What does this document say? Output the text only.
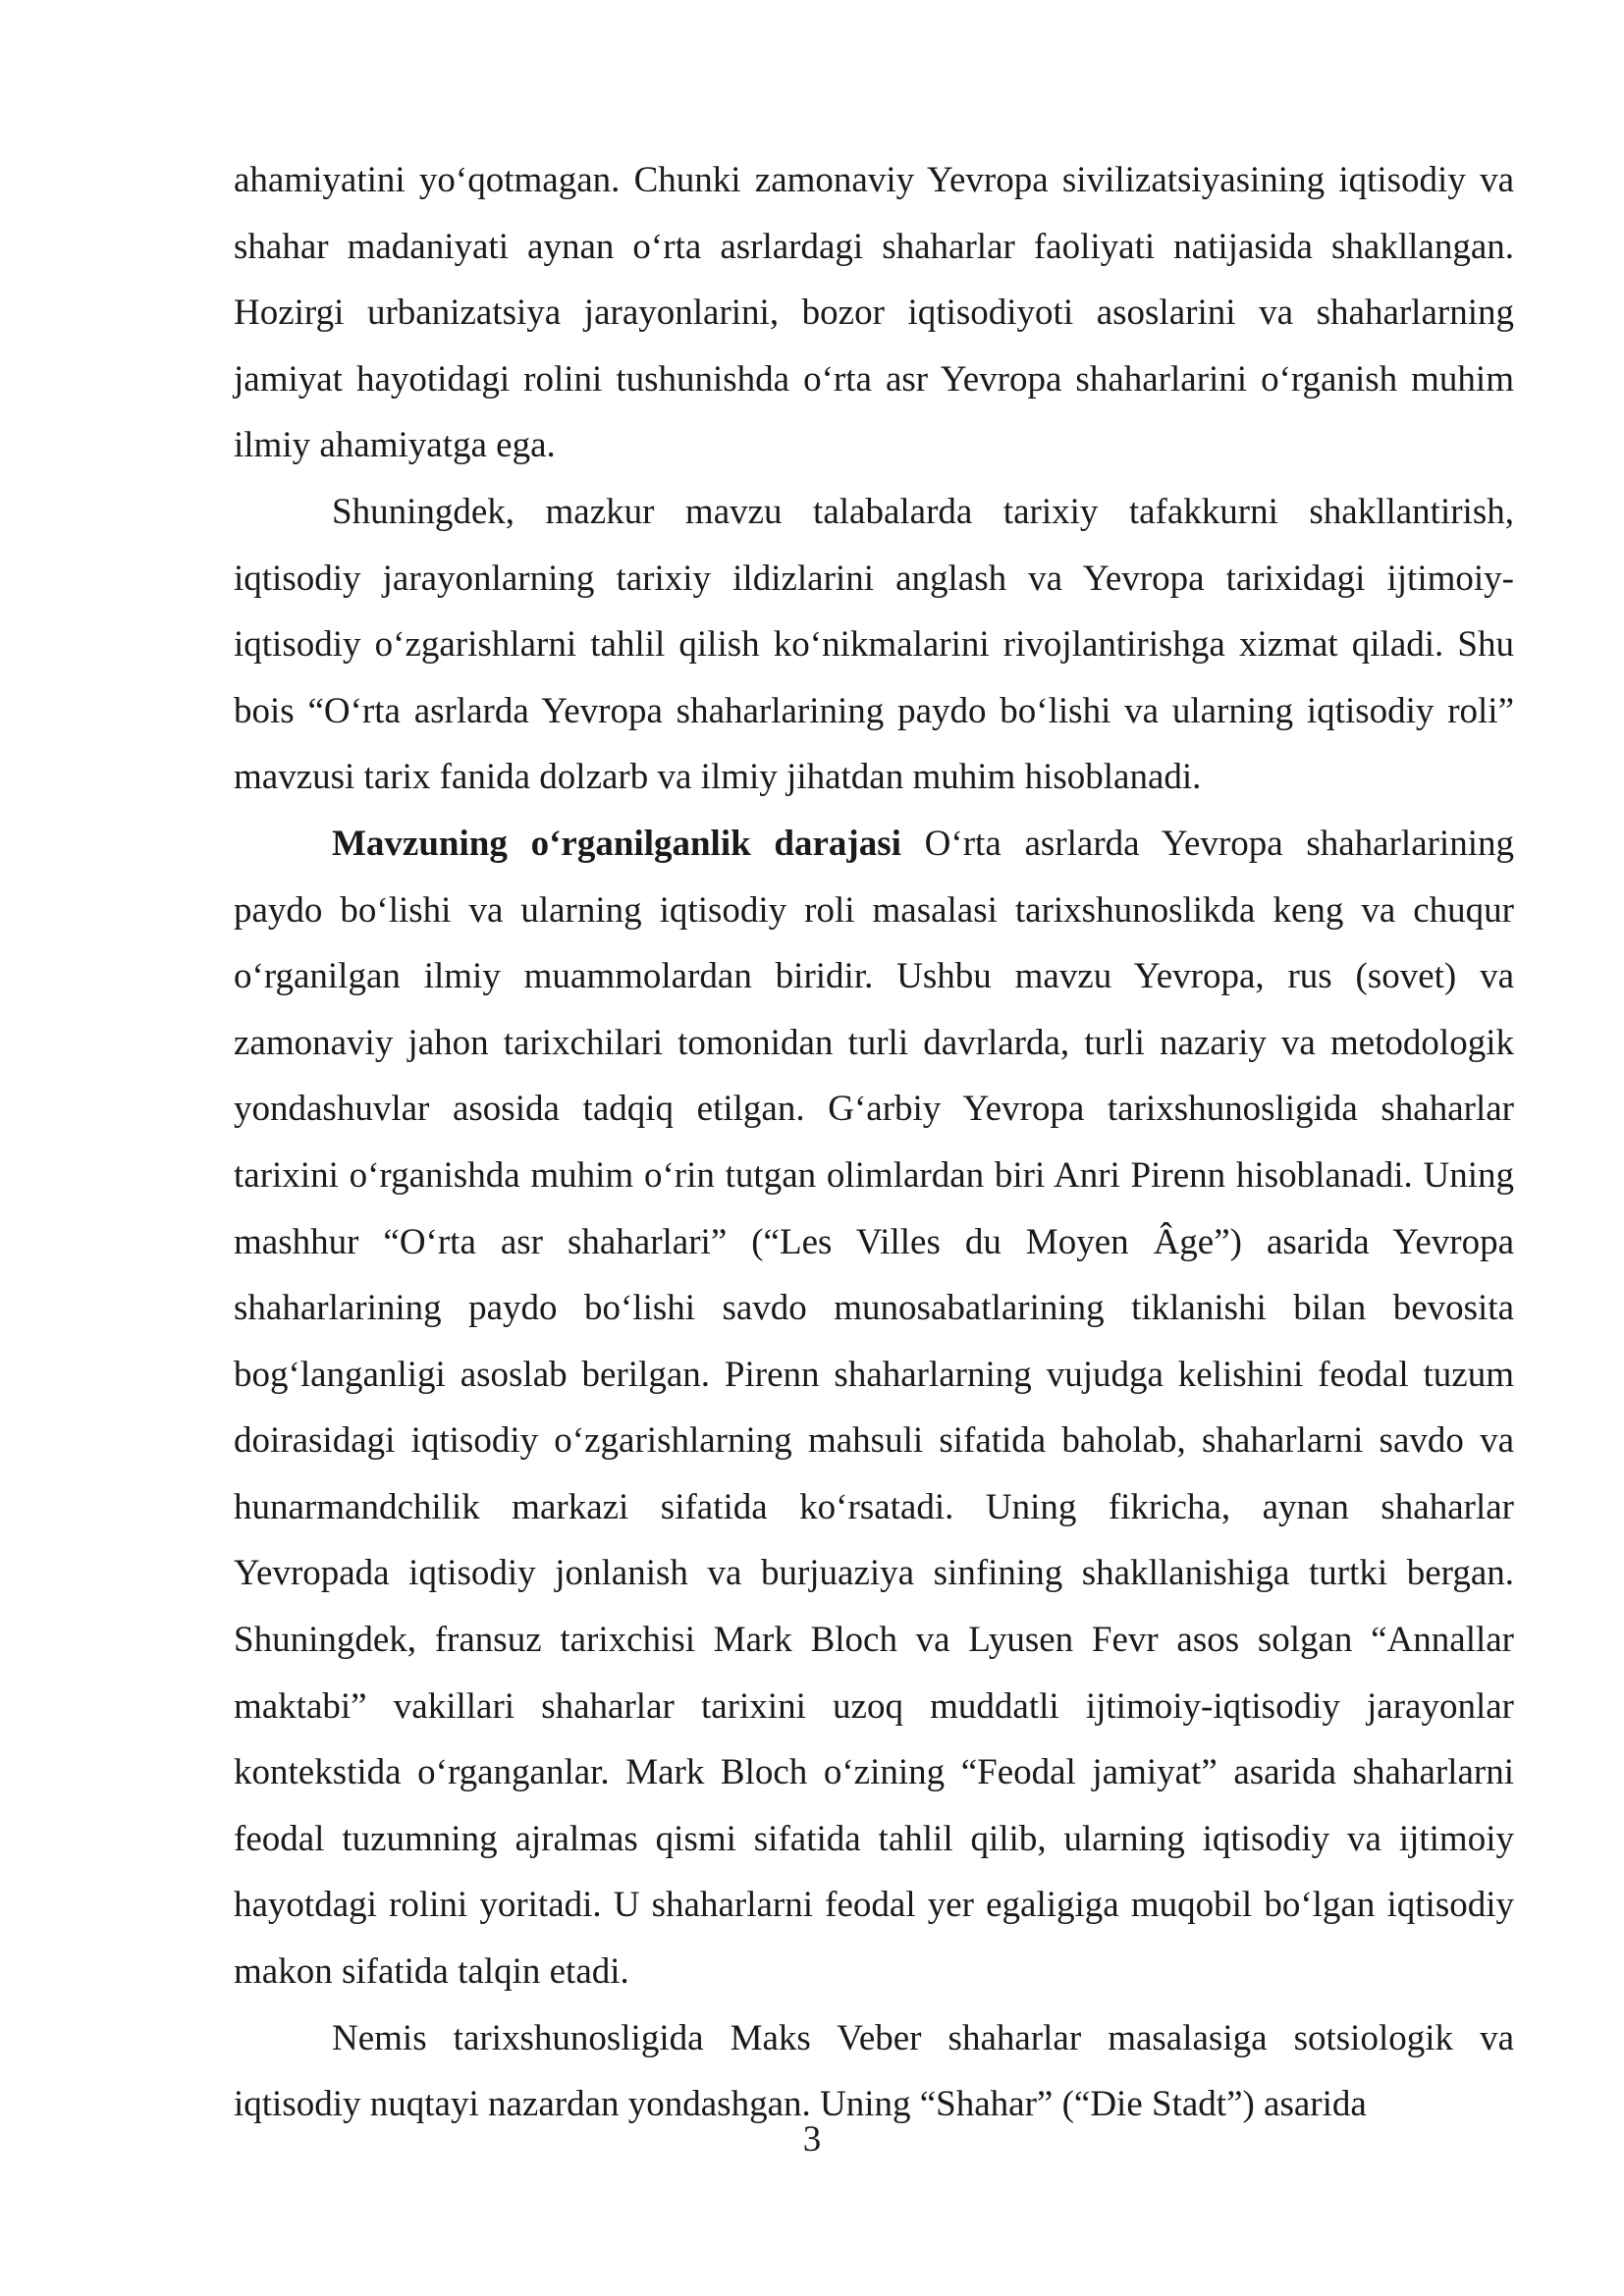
ahamiyatini yo‘qotmagan. Chunki zamonaviy Yevropa sivilizatsiyasining iqtisodiy va shahar madaniyati aynan o‘rta asrlardagi shaharlar faoliyati natijasida shakllangan. Hozirgi urbanizatsiya jarayonlarini, bozor iqtisodiyoti asoslarini va shaharlarning jamiyat hayotidagi rolini tushunishda o‘rta asr Yevropa shaharlarini o‘rganish muhim ilmiy ahamiyatga ega.

Shuningdek, mazkur mavzu talabalarda tarixiy tafakkurni shakllantirish, iqtisodiy jarayonlarning tarixiy ildizlarini anglash va Yevropa tarixidagi ijtimoiy-iqtisodiy o‘zgarishlarni tahlil qilish ko‘nikmalarini rivojlantirishga xizmat qiladi. Shu bois “O‘rta asrlarda Yevropa shaharlarining paydo bo‘lishi va ularning iqtisodiy roli” mavzusi tarix fanida dolzarb va ilmiy jihatdan muhim hisoblanadi.

Mavzuning o‘rganilganlik darajasi O‘rta asrlarda Yevropa shaharlarining paydo bo‘lishi va ularning iqtisodiy roli masalasi tarixshunoslikda keng va chuqur o‘rganilgan ilmiy muammolardan biridir. Ushbu mavzu Yevropa, rus (sovet) va zamonaviy jahon tarixchilari tomonidan turli davrlarda, turli nazariy va metodologik yondashuvlar asosida tadqiq etilgan. G‘arbiy Yevropa tarixshunosligida shaharlar tarixini o‘rganishda muhim o‘rin tutgan olimlardan biri Anri Pirenn hisoblanadi. Uning mashhur “O‘rta asr shaharlari” (“Les Villes du Moyen Âge”) asarida Yevropa shaharlarining paydo bo‘lishi savdo munosabatlarining tiklanishi bilan bevosita bog‘langanligi asoslab berilgan. Pirenn shaharlarning vujudga kelishini feodal tuzum doirasidagi iqtisodiy o‘zgarishlarning mahsuli sifatida baholab, shaharlarni savdo va hunarmandchilik markazi sifatida ko‘rsatadi. Uning fikricha, aynan shaharlar Yevropada iqtisodiy jonlanish va burjuaziya sinfining shakllanishiga turtki bergan. Shuningdek, fransuz tarixchisi Mark Bloch va Lyusen Fevr asos solgan “Annallar maktabi” vakillari shaharlar tarixini uzoq muddatli ijtimoiy-iqtisodiy jarayonlar kontekstida o‘rganganlar. Mark Bloch o‘zining “Feodal jamiyat” asarida shaharlarni feodal tuzumning ajralmas qismi sifatida tahlil qilib, ularning iqtisodiy va ijtimoiy hayotdagi rolini yoritadi. U shaharlarni feodal yer egaligiga muqobil bo‘lgan iqtisodiy makon sifatida talqin etadi.

Nemis tarixshunosligida Maks Veber shaharlar masalasiga sotsiologik va iqtisodiy nuqtayi nazardan yondashgan. Uning “Shahar” (“Die Stadt”) asarida

3
